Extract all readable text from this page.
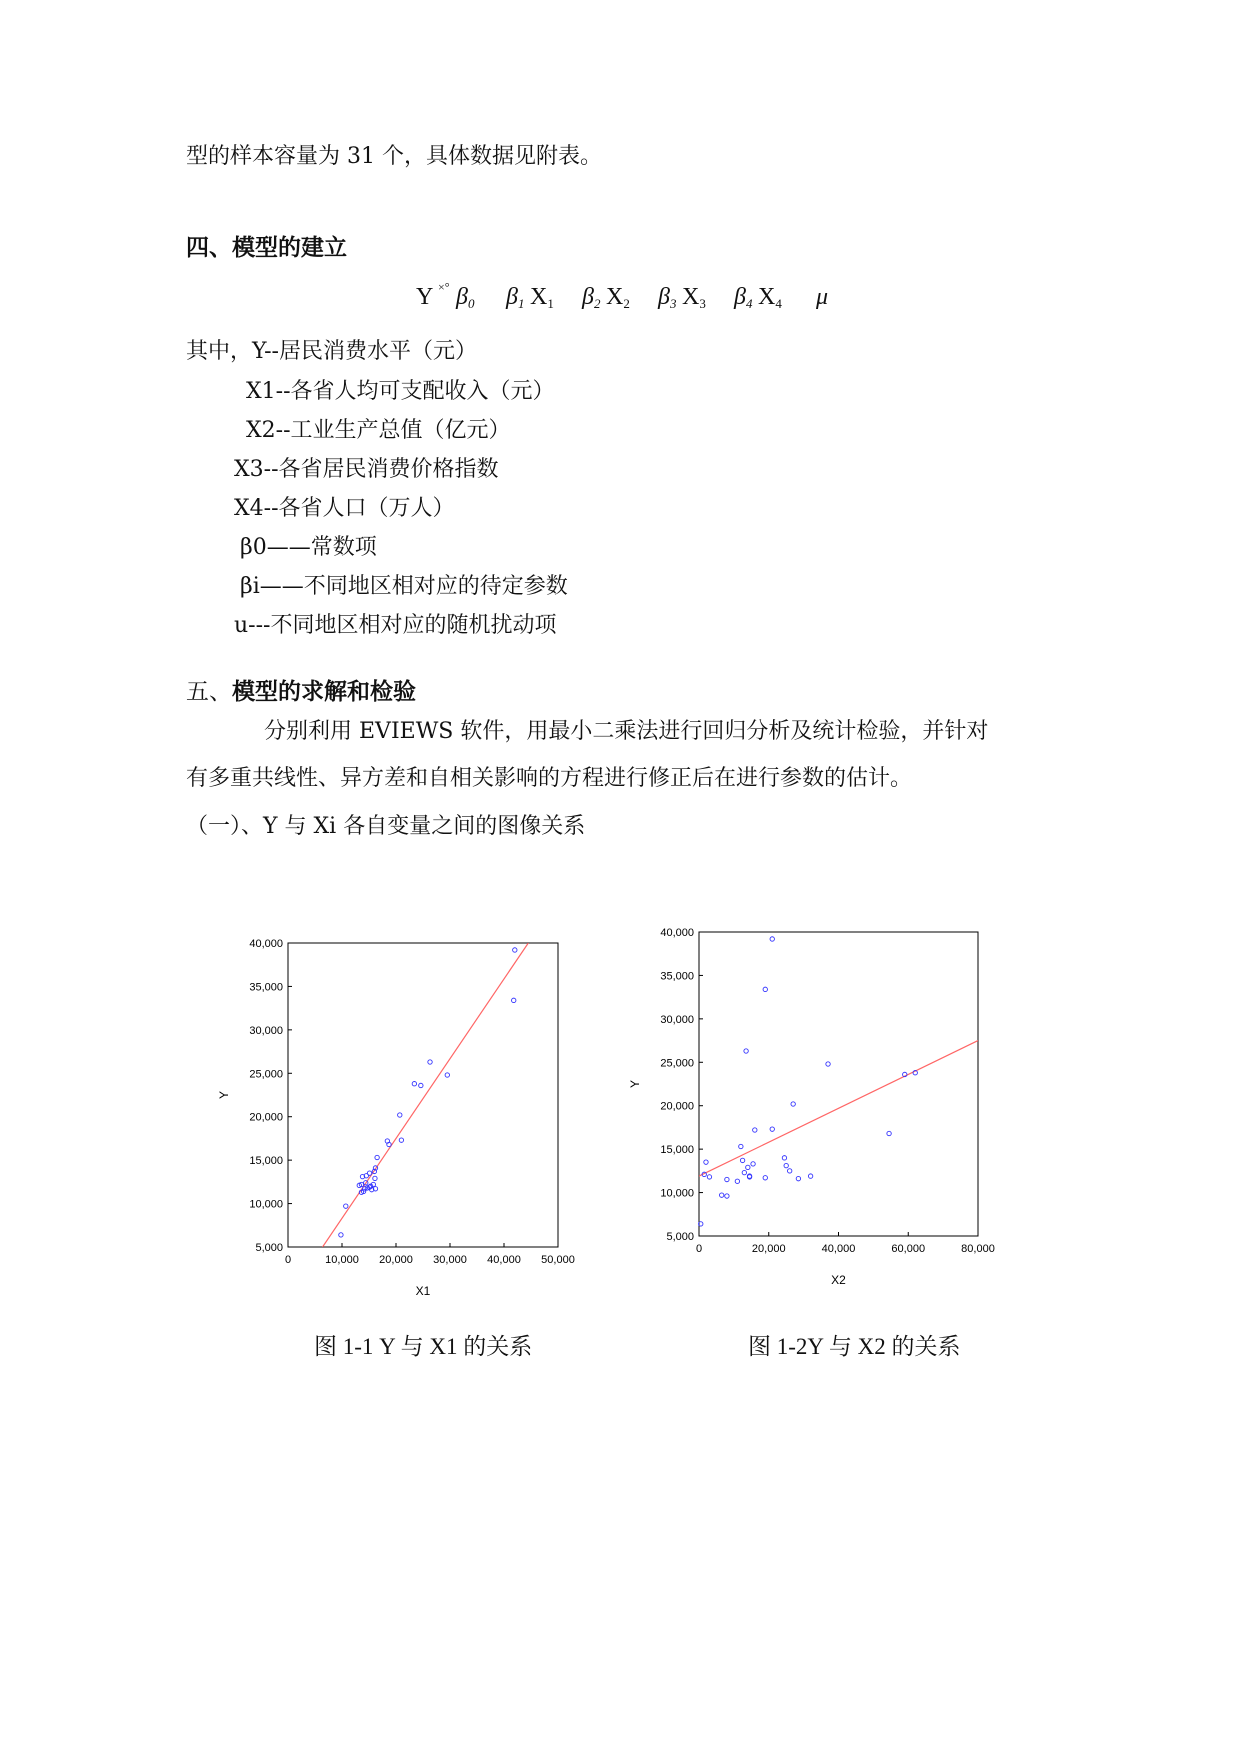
型的样本容量为 31 个，具体数据见附表。
四、模型的建立
Y ×° $\beta_0$ $\beta_1$ $X_1$ $\beta_2$ $X_2$ $\beta_3$ $X_3$ $\beta_4$ $X_4$ μ
其中，Y--居民消费水平（元）
X1--各省人均可支配收入（元）
X2--工业生产总值（亿元）
X3--各省居民消费价格指数
X4--各省人口（万人）
β0——常数项
βi——不同地区相对应的待定参数
u---不同地区相对应的随机扰动项
五、模型的求解和检验
分别利用 EVIEWS 软件，用最小二乘法进行回归分析及统计检验，并针对
有多重共线性、异方差和自相关影响的方程进行修正后在进行参数的估计。
（一）、Y 与 Xi 各自变量之间的图像关系
0	10,000 20,000 30,000 40,000 50,000
5,000
10,000
15,000
20,000
25,000
30,000
35,000
40,000
X1
Y
0	20,000	40,000	60,000	80,000
5,000
10,000
15,000
20,000
25,000
30,000
35,000
40,000
X2
Y
图 1-1 Y 与 X1 的关系	图 1-2Y 与 X2 的关系
